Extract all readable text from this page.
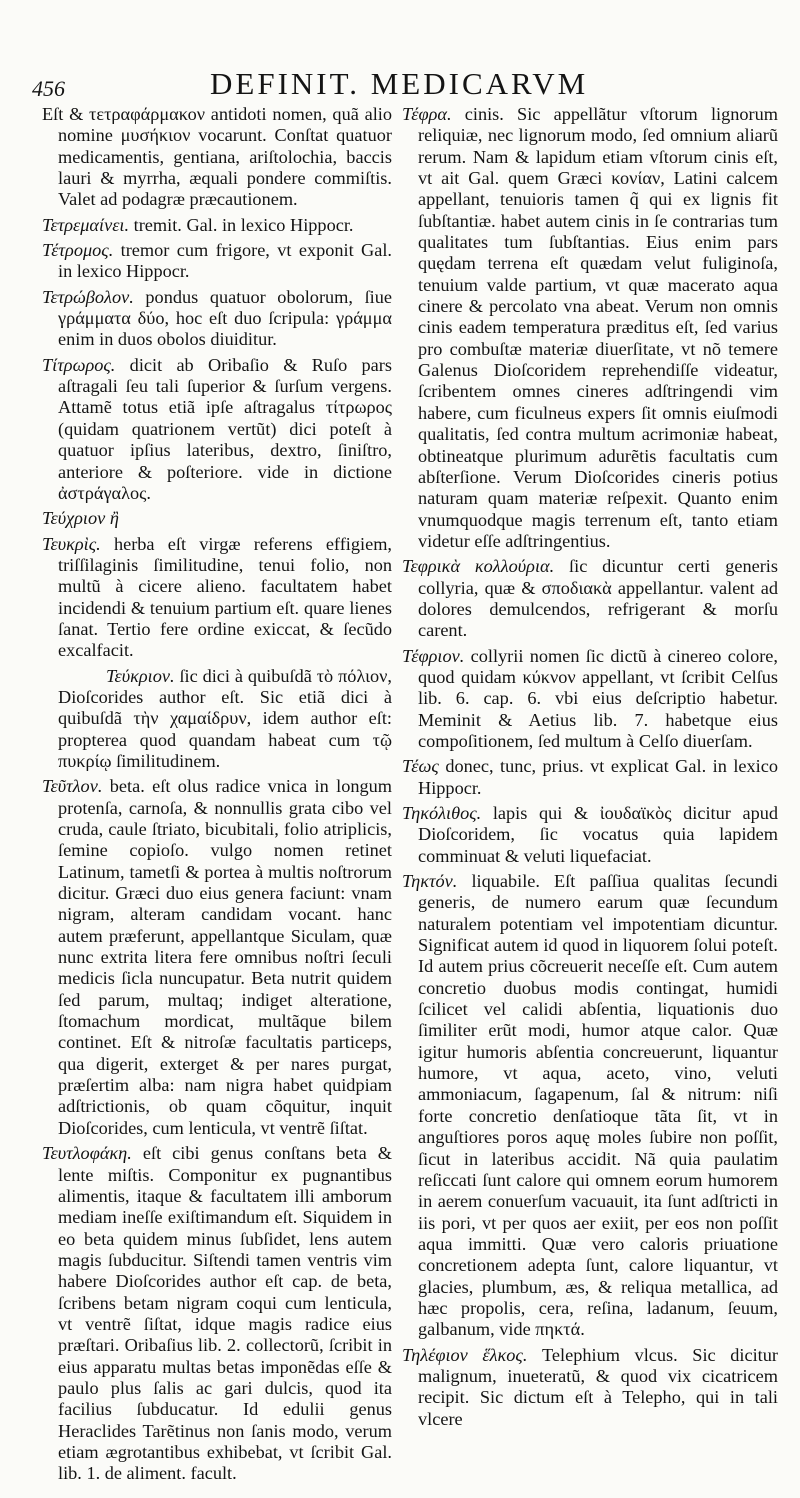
456	DEFINIT. MEDICARVM

Eſt & τετραφάρμακον antidoti nomen, quã alio nomine μυσήκιον vocarunt. Conſtat quatuor medicamentis, gentiana, ariſtolochia, baccis lauri & myrrha, æquali pondere commiſtis. Valet ad podagræ præcautionem.

Τετρεμαίνει. tremit. Gal. in lexico Hippocr.

Τέτρομος. tremor cum frigore, vt exponit Gal. in lexico Hippocr.

Τετρώβολον. pondus quatuor obolorum, ſiue γράμματα δύο, hoc eſt duo ſcripula: γράμμα enim in duos obolos diuiditur.

Τίτρωρος. dicit ab Oribaſio & Ruſo pars aſtragali ſeu tali ſuperior & ſurſum vergens. Attamẽ totus etiã ipſe aſtragalus τίτρωρος (quidam quatrionem vertũt) dici poteſt à quatuor ipſius lateribus, dextro, ſiniſtro, anteriore & poſteriore. vide in dictione ἀστράγαλος.

Τεύχριον ἢ

Τευκρὶς. herba eſt virgæ referens effigiem, triſſilaginis ſimilitudine, tenui folio, non multũ à cicere alieno. facultatem habet incidendi & tenuium partium eſt. quare lienes ſanat. Tertio fere ordine exiccat, & ſecũdo excalfacit.

Τεύκριον. ſic dici à quibuſdã τὸ πόλιον, Dioſcorides author eſt. Sic etiã dici à quibuſdã τὴν χαμαίδρυν, idem author eſt: propterea quod quandam habeat cum τῷ πυκρίῳ ſimilitudinem.

Τεῦτλον. beta. eſt olus radice vnica in longum protenſa, carnoſa, & nonnullis grata cibo vel cruda, caule ſtriato, bicubitali, folio atriplicis, ſemine copioſo. vulgo nomen retinet Latinum, tametſi & portea à multis noſtrorum dicitur. Græci duo eius genera faciunt: vnam nigram, alteram candidam vocant. hanc autem præferunt, appellantque Siculam, quæ nunc extrita litera fere omnibus noſtri ſeculi medicis ſicla nuncupatur. Beta nutrit quidem ſed parum, multaq; indiget alteratione, ſtomachum mordicat, multãque bilem continet. Eſt & nitroſæ facultatis particeps, qua digerit, exterget & per nares purgat, præſertim alba: nam nigra habet quidpiam adſtrictionis, ob quam cõquitur, inquit Dioſcorides, cum lenticula, vt ventrẽ ſiſtat.

Τευτλοφάκη. eſt cibi genus conſtans beta & lente miſtis. Componitur ex pugnantibus alimentis, itaque & facultatem illi amborum mediam ineſſe exiſtimandum eſt. Siquidem in eo beta quidem minus ſubſidet, lens autem magis ſubducitur. Siſtendi tamen ventris vim habere Dioſcorides author eſt cap. de beta, ſcribens betam nigram coqui cum lenticula, vt ventrẽ ſiſtat, idque magis radice eius præſtari. Oribaſius lib. 2. collectorũ, ſcribit in eius apparatu multas betas imponẽdas eſſe & paulo plus ſalis ac gari dulcis, quod ita facilius ſubducatur. Id edulii genus Heraclides Tarẽtinus non ſanis modo, verum etiam ægrotantibus exhibebat, vt ſcribit Gal. lib. 1. de aliment. facult.

Τέφρα. cinis. Sic appellãtur vſtorum lignorum reliquiæ, nec lignorum modo, ſed omnium aliarũ rerum. Nam & lapidum etiam vſtorum cinis eſt, vt ait Gal. quem Græci κονίαν, Latini calcem appellant, tenuioris tamen q̃ qui ex lignis fit ſubſtantiæ. habet autem cinis in ſe contrarias tum qualitates tum ſubſtantias. Eius enim pars quędam terrena eſt quædam velut fuliginoſa, tenuium valde partium, vt quæ macerato aqua cinere & percolato vna abeat. Verum non omnis cinis eadem temperatura præditus eſt, ſed varius pro combuſtæ materiæ diuerſitate, vt nõ temere Galenus Dioſcoridem reprehendiſſe videatur, ſcribentem omnes cineres adſtringendi vim habere, cum ficulneus expers ſit omnis eiuſmodi qualitatis, ſed contra multum acrimoniæ habeat, obtineatque plurimum adurẽtis facultatis cum abſterſione. Verum Dioſcorides cineris potius naturam quam materiæ reſpexit. Quanto enim vnumquodque magis terrenum eſt, tanto etiam videtur eſſe adſtringentius.

Τεφρικὰ κολλούρια. ſic dicuntur certi generis collyria, quæ & σποδιακὰ appellantur. valent ad dolores demulcendos, refrigerant & morſu carent.

Τέφριον. collyrii nomen ſic dictũ à cinereo colore, quod quidam κύκνον appellant, vt ſcribit Celſus lib. 6. cap. 6. vbi eius deſcriptio habetur. Meminit & Aetius lib. 7. habetque eius compoſitionem, ſed multum à Celſo diuerſam.

Τέως donec, tunc, prius. vt explicat Gal. in lexico Hippocr.

Τηκόλιθος. lapis qui & ἰουδαϊκὸς dicitur apud Dioſcoridem, ſic vocatus quia lapidem comminuat & veluti liquefaciat.

Τηκτόν. liquabile. Eſt paſſiua qualitas ſecundi generis, de numero earum quæ ſecundum naturalem potentiam vel impotentiam dicuntur. Significat autem id quod in liquorem ſolui poteſt. Id autem prius cõcreuerit neceſſe eſt. Cum autem concretio duobus modis contingat, humidi ſcilicet vel calidi abſentia, liquationis duo ſimiliter erũt modi, humor atque calor. Quæ igitur humoris abſentia concreuerunt, liquantur humore, vt aqua, aceto, vino, veluti ammoniacum, ſagapenum, ſal & nitrum: niſi forte concretio denſatioque tãta ſit, vt in anguſtiores poros aquę moles ſubire non poſſit, ſicut in lateribus accidit. Nã quia paulatim reſiccati ſunt calore qui omnem eorum humorem in aerem conuerſum vacuauit, ita ſunt adſtricti in iis pori, vt per quos aer exiit, per eos non poſſit aqua immitti. Quæ vero caloris priuatione concretionem adepta ſunt, calore liquantur, vt glacies, plumbum, æs, & reliqua metallica, ad hæc propolis, cera, reſina, ladanum, ſeuum, galbanum, vide πηκτά.

Τηλέφιον ἕλκος. Telephium vlcus. Sic dicitur malignum, inueteratũ, & quod vix cicatricem recipit. Sic dictum eſt à Telepho, qui in tali vlcere
